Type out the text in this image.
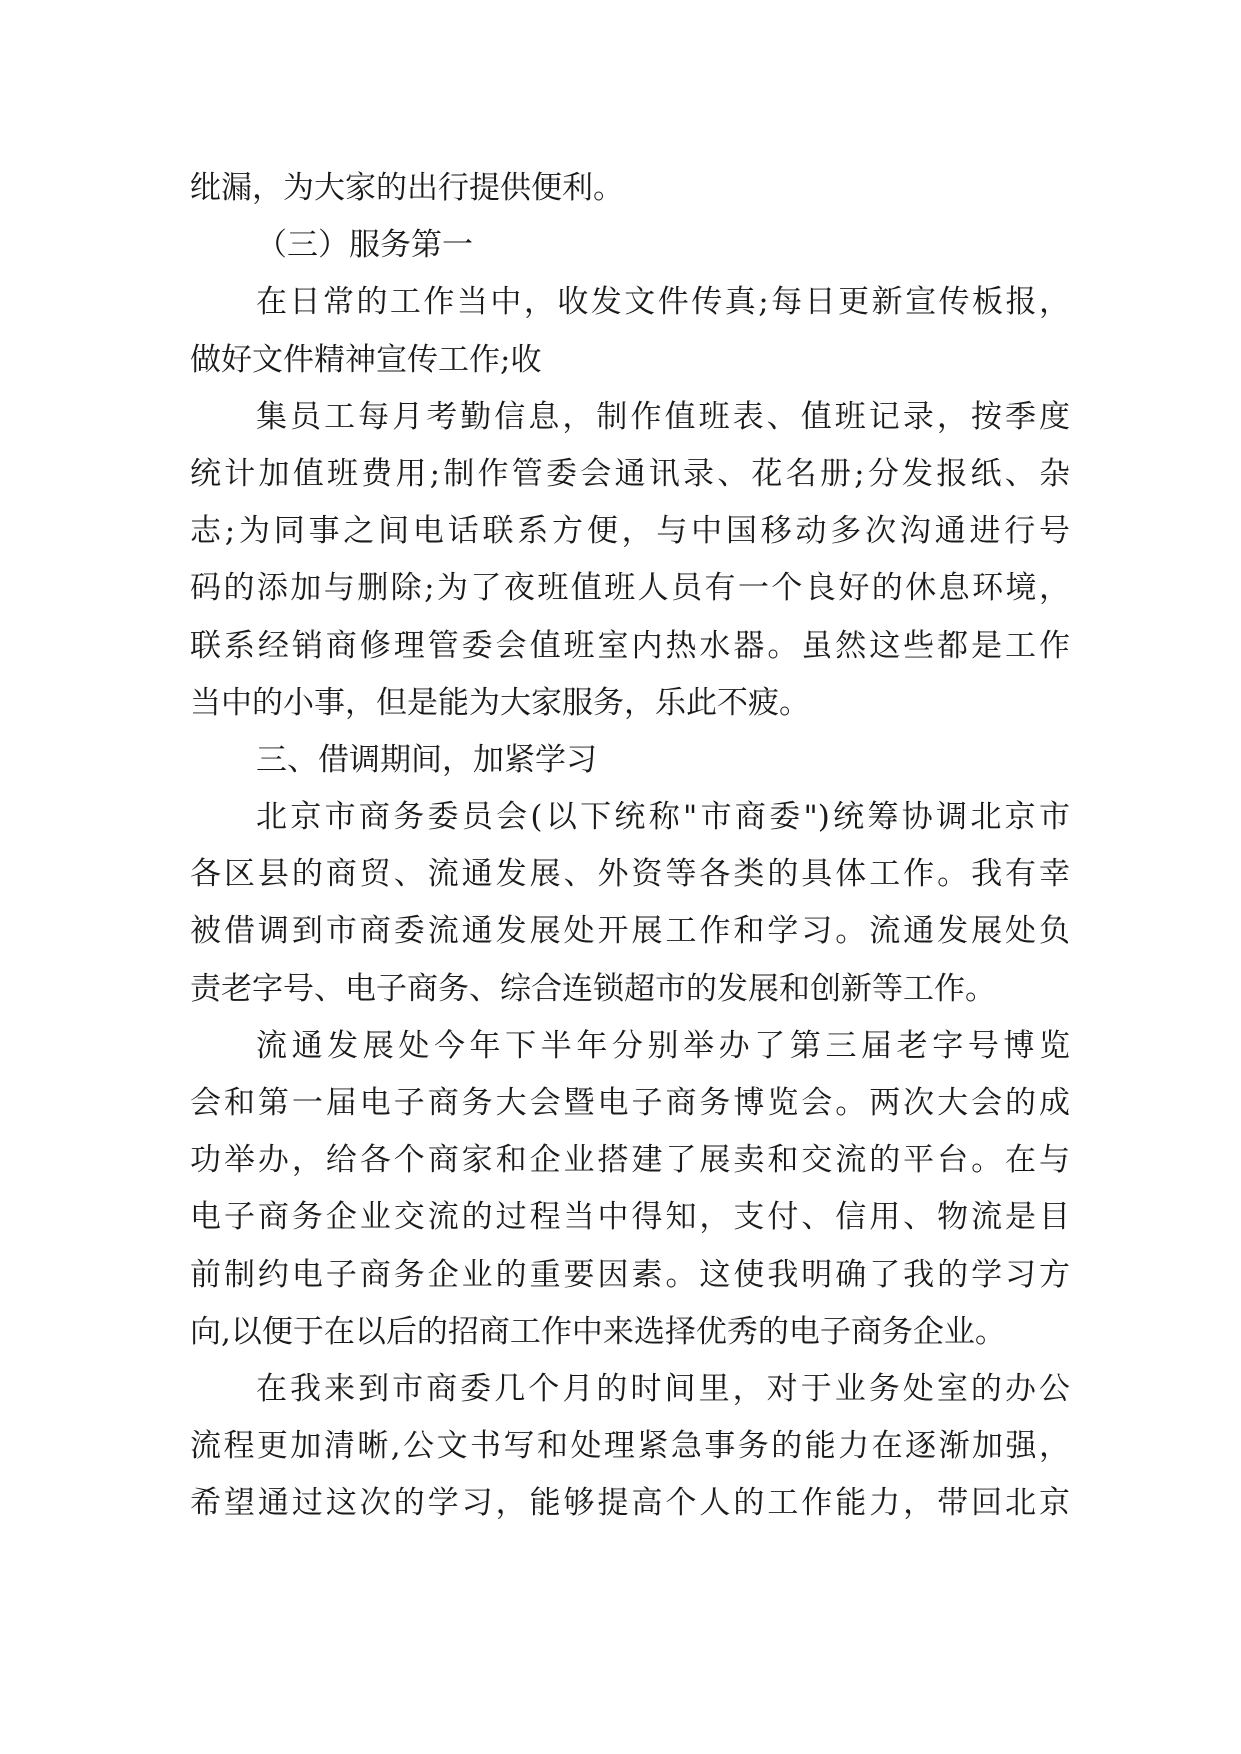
纰漏，为大家的出行提供便利。
（三）服务第一
在日常的工作当中，收发文件传真;每日更新宣传板报，
做好文件精神宣传工作;收
集员工每月考勤信息，制作值班表、值班记录，按季度
统计加值班费用;制作管委会通讯录、花名册;分发报纸、杂
志;为同事之间电话联系方便，与中国移动多次沟通进行号
码的添加与删除;为了夜班值班人员有一个良好的休息环境，
联系经销商修理管委会值班室内热水器。虽然这些都是工作
当中的小事，但是能为大家服务，乐此不疲。
三、借调期间，加紧学习
北京市商务委员会(以下统称"市商委")统筹协调北京市
各区县的商贸、流通发展、外资等各类的具体工作。我有幸
被借调到市商委流通发展处开展工作和学习。流通发展处负
责老字号、电子商务、综合连锁超市的发展和创新等工作。
流通发展处今年下半年分别举办了第三届老字号博览
会和第一届电子商务大会暨电子商务博览会。两次大会的成
功举办，给各个商家和企业搭建了展卖和交流的平台。在与
电子商务企业交流的过程当中得知，支付、信用、物流是目
前制约电子商务企业的重要因素。这使我明确了我的学习方
向,以便于在以后的招商工作中来选择优秀的电子商务企业。
在我来到市商委几个月的时间里，对于业务处室的办公
流程更加清晰,公文书写和处理紧急事务的能力在逐渐加强，
希望通过这次的学习，能够提高个人的工作能力，带回北京
